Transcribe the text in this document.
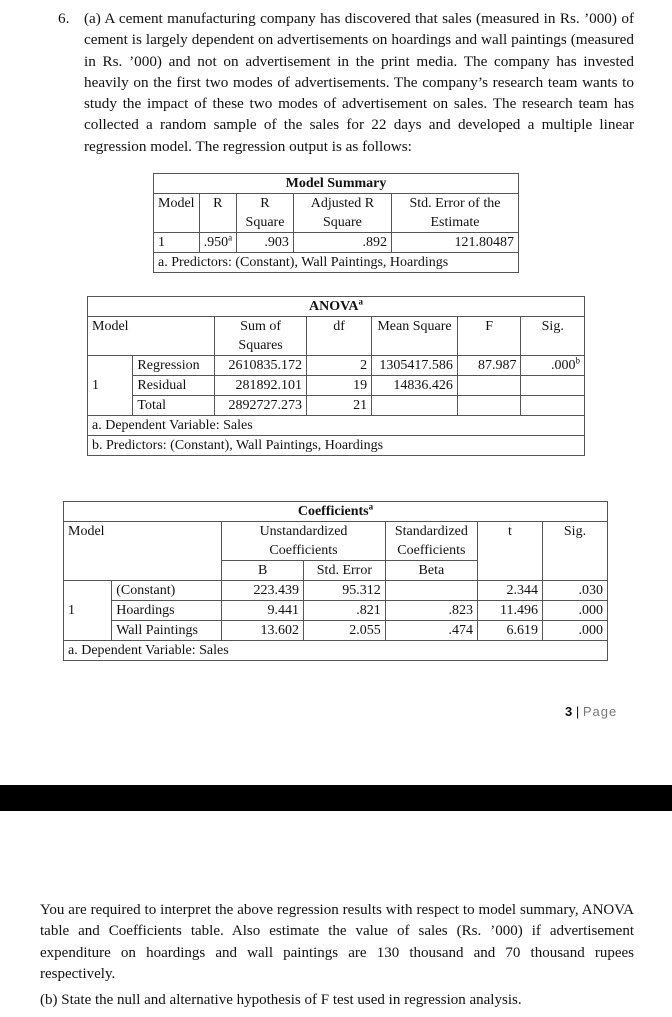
6. (a) A cement manufacturing company has discovered that sales (measured in Rs. ’000) of cement is largely dependent on advertisements on hoardings and wall paintings (measured in Rs. ’000) and not on advertisement in the print media. The company has invested heavily on the first two modes of advertisements. The company’s research team wants to study the impact of these two modes of advertisement on sales. The research team has collected a random sample of the sales for 22 days and developed a multiple linear regression model. The regression output is as follows:
Model Summary				
Model	R	R Square	Adjusted R Square	Std. Error of the Estimate
1	.950$^a$	.903	.892	121.80487
a. Predictors: (Constant), Wall Paintings, Hoardings				
ANOVA$^a$
Model		Sum of Squares	df	Mean Square	F	Sig.
1	Regression	2610835.172	2	1305417.586	87.987	.000$^b$
	Residual	281892.101	19	14836.426		
	Total	2892727.273	21			
a. Dependent Variable: Sales						
b. Predictors: (Constant), Wall Paintings, Hoardings						
Coefficients$^a$
Model		Unstandardized Coefficients		Standardized Coefficients	t	Sig.
		B	Std. Error	Beta		
1	(Constant)	223.439	95.312		2.344	.030
	Hoardings	9.441	.821	.823	11.496	.000
	Wall Paintings	13.602	2.055	.474	6.619	.000
a. Dependent Variable: Sales						
3 | Page
You are required to interpret the above regression results with respect to model summary, ANOVA table and Coefficients table. Also estimate the value of sales (Rs. ’000) if advertisement expenditure on hoardings and wall paintings are 130 thousand and 70 thousand rupees respectively.
(b) State the null and alternative hypothesis of F test used in regression analysis.
